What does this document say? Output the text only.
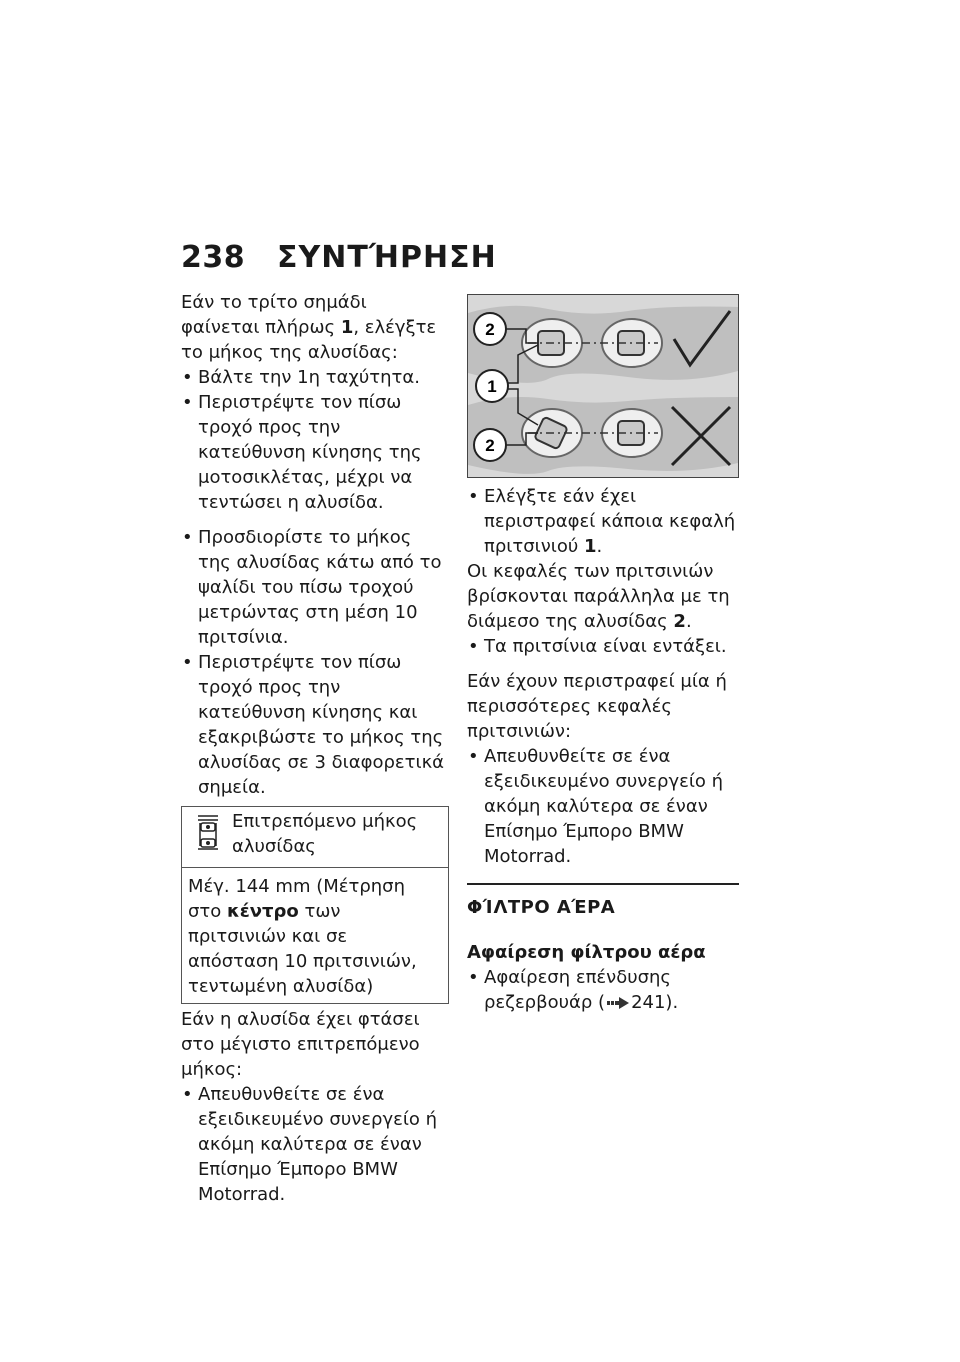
238 ΣΥΝΤΉΡΗΣΗ

Εάν το τρίτο σημάδι φαίνεται πλήρως 1, ελέγξτε το μήκος της αλυσίδας:

• Βάλτε την 1η ταχύτητα.
• Περιστρέψτε τον πίσω τροχό προς την κατεύθυνση κίνησης της μοτοσικλέτας, μέχρι να τεντώσει η αλυσίδα.
• Προσδιορίστε το μήκος της αλυσίδας κάτω από το ψαλίδι του πίσω τροχού μετρώντας στη μέση 10 πριτσίνια.
• Περιστρέψτε τον πίσω τροχό προς την κατεύθυνση κίνησης και εξακριβώστε το μήκος της αλυσίδας σε 3 διαφορετικά σημεία.
Επιτρεπόμενο μήκος αλυσίδας
Μέγ. 144 mm (Μέτρηση στο κέντρο των πριτσινιών και σε απόσταση 10 πριτσινιών, τεντωμένη αλυσίδα)

Εάν η αλυσίδα έχει φτάσει στο μέγιστο επιτρεπόμενο μήκος:

• Απευθυνθείτε σε ένα εξειδικευμένο συνεργείο ή ακόμη καλύτερα σε έναν Επίσημο Έμπορο BMW Motorrad.
2
1
2
• Ελέγξτε εάν έχει περιστραφεί κάποια κεφαλή πριτσινιού 1.

Οι κεφαλές των πριτσινιών βρίσκονται παράλληλα με τη διάμεσο της αλυσίδας 2.

• Τα πριτσίνια είναι εντάξει.

Εάν έχουν περιστραφεί μία ή περισσότερες κεφαλές πριτσινιών:

• Απευθυνθείτε σε ένα εξειδικευμένο συνεργείο ή ακόμη καλύτερα σε έναν Επίσημο Έμπορο BMW Motorrad.
ΦΊΛΤΡΟ ΑΈΡΑ
Αφαίρεση φίλτρου αέρα
• Αφαίρεση επένδυσης ρεζερβουάρ ( 241).
